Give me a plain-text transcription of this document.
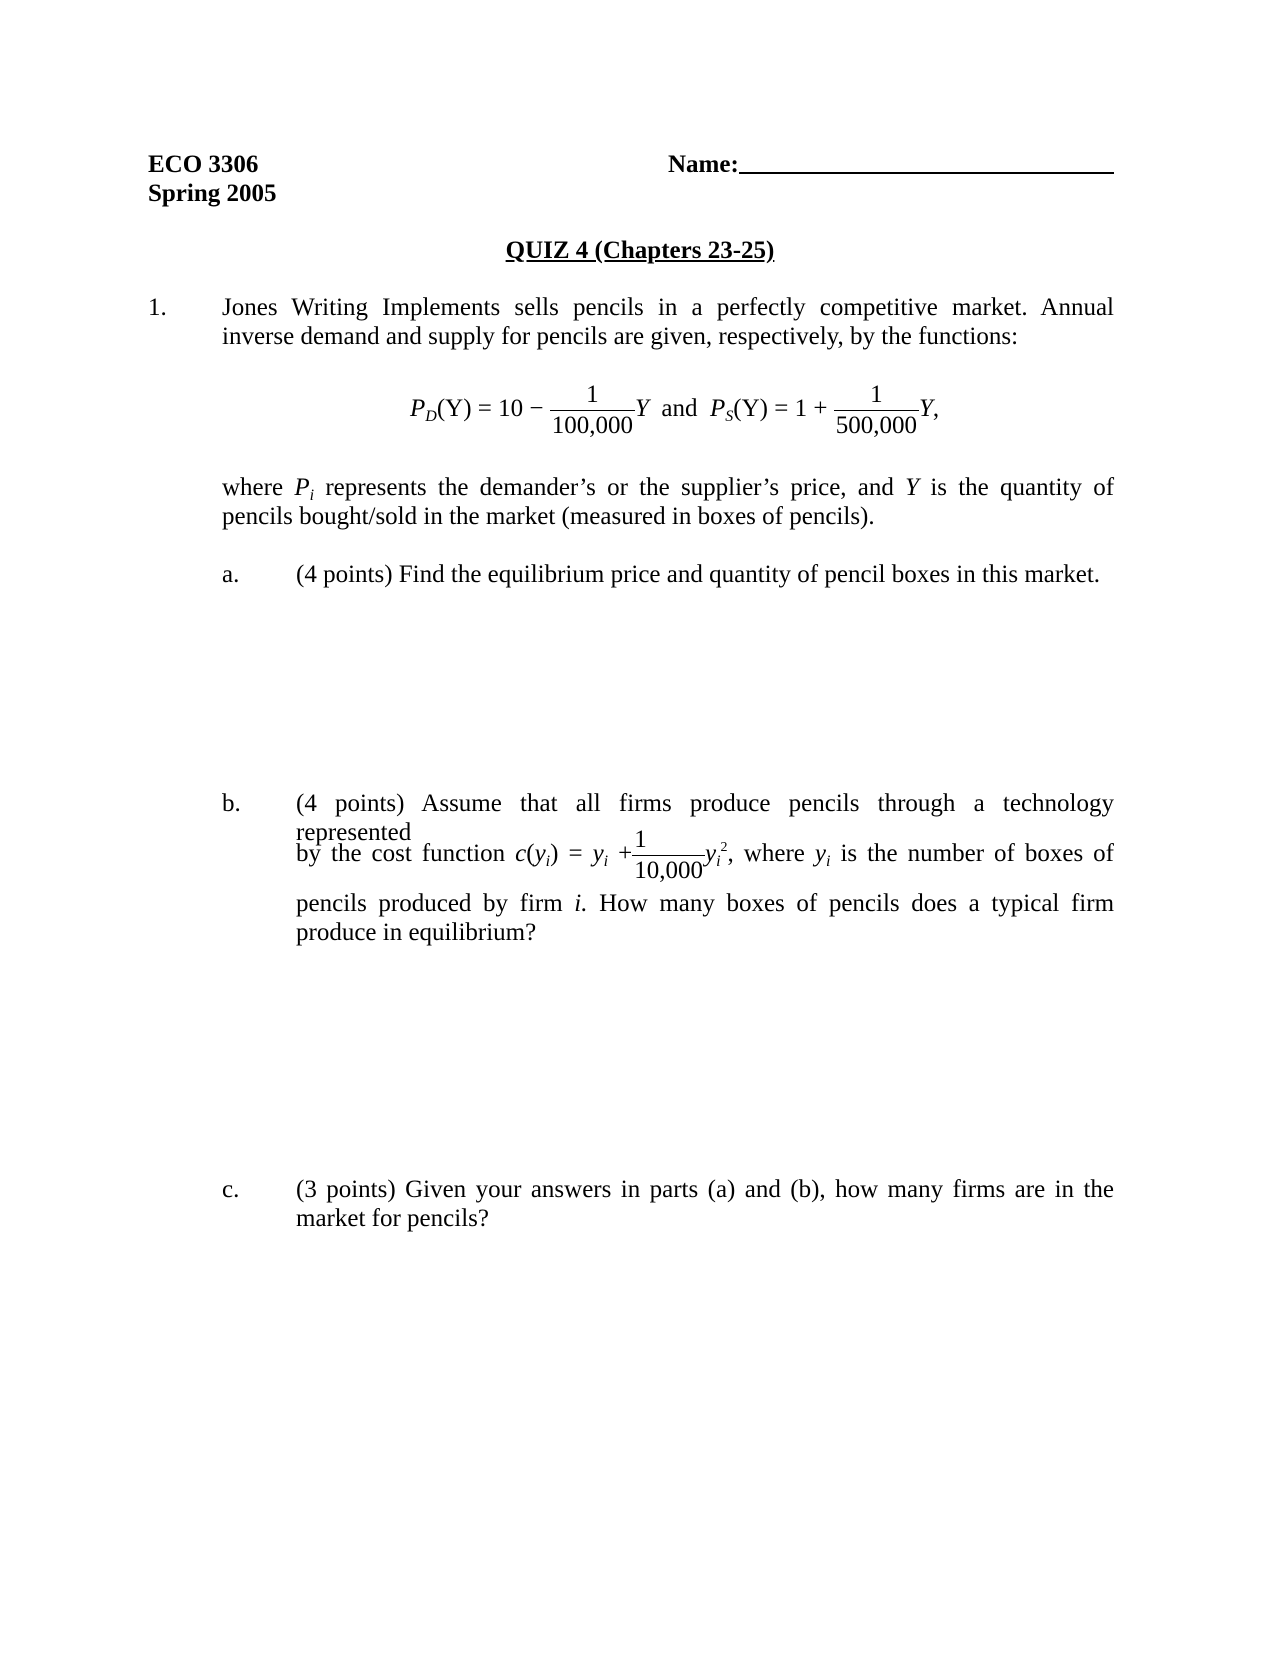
ECO 3306
Spring 2005
Name:
QUIZ 4 (Chapters 23-25)
1. Jones Writing Implements sells pencils in a perfectly competitive market. Annual
inverse demand and supply for pencils are given, respectively, by the functions:
$P_D(Y) = 10 - \frac{1}{100,000}$ Y and $P_S(Y) = 1 + \frac{1}{500,000} Y$,
where $P_i$ represents the demander’s or the supplier’s price, and Y is the quantity of
pencils bought/sold in the market (measured in boxes of pencils).
a. (4 points) Find the equilibrium price and quantity of pencil boxes in this market.
b. (4 points) Assume that all firms produce pencils through a technology represented
by the cost function $c(y_i) = y_i + \frac{1}{10,000} y_i^2$, where $y_i$ is the number of boxes of
pencils produced by firm i. How many boxes of pencils does a typical firm
produce in equilibrium?
c. (3 points) Given your answers in parts (a) and (b), how many firms are in the
market for pencils?
